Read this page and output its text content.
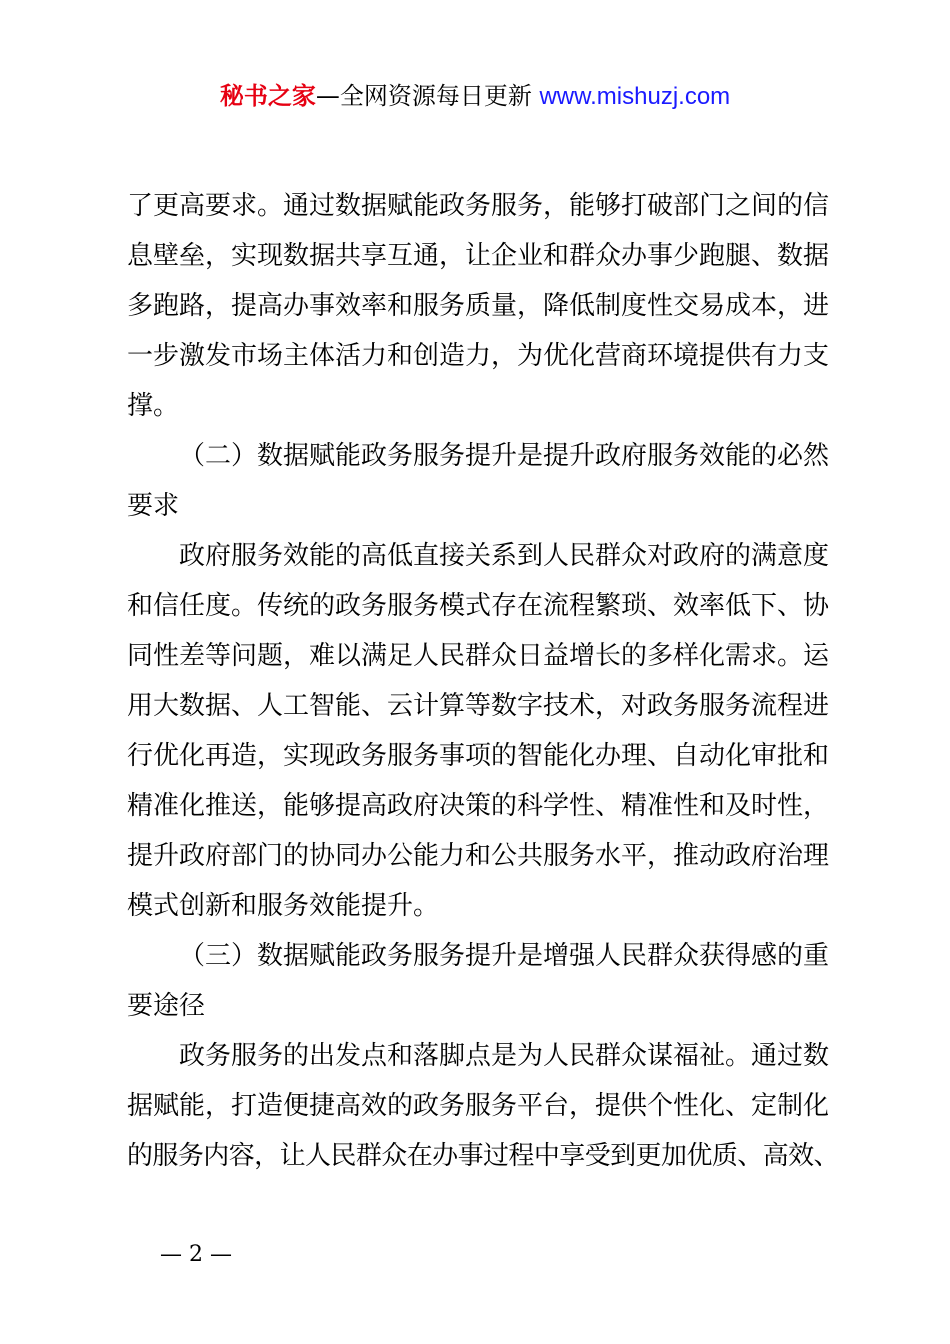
秘书之家—全网资源每日更新 www.mishuzj.com
了更高要求。通过数据赋能政务服务，能够打破部门之间的信
息壁垒，实现数据共享互通，让企业和群众办事少跑腿、数据
多跑路，提高办事效率和服务质量，降低制度性交易成本，进
一步激发市场主体活力和创造力，为优化营商环境提供有力支
撑。
（二）数据赋能政务服务提升是提升政府服务效能的必然
要求
政府服务效能的高低直接关系到人民群众对政府的满意度
和信任度。传统的政务服务模式存在流程繁琐、效率低下、协
同性差等问题，难以满足人民群众日益增长的多样化需求。运
用大数据、人工智能、云计算等数字技术，对政务服务流程进
行优化再造，实现政务服务事项的智能化办理、自动化审批和
精准化推送，能够提高政府决策的科学性、精准性和及时性，
提升政府部门的协同办公能力和公共服务水平，推动政府治理
模式创新和服务效能提升。
（三）数据赋能政务服务提升是增强人民群众获得感的重
要途径
政务服务的出发点和落脚点是为人民群众谋福祉。通过数
据赋能，打造便捷高效的政务服务平台，提供个性化、定制化
的服务内容，让人民群众在办事过程中享受到更加优质、高效、
— 2 —
